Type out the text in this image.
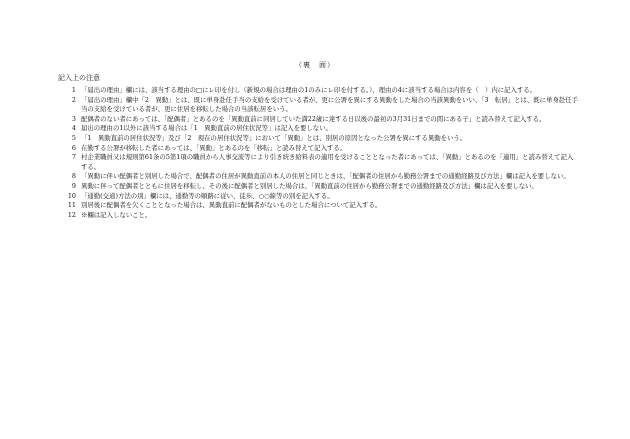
（裏　面）
記入上の注意
1 「届出の理由」欄には、該当する理由の□にレ印を付し（新規の場合は理由の1のみにレ印を付する。）、理由の4に該当する場合は内容を（　）内に記入する。
2 「届出の理由」欄中「2　異動」とは、既に単身赴任手当の支給を受けている者が、更に公署を異にする異動をした場合の当該異動をいい、「3　転居」とは、既に単身赴任手当の支給を受けている者が、更に住居を移転した場合の当該転居をいう。
3 配偶者のない者にあっては、「配偶者」とあるのを「異動直前に同居していた満22歳に達する日以後の最初の3月31日までの間にある子」と読み替えて記入する。
4 届出の理由の1以外に該当する場合は「1　異動直前の居住状況等」は記入を要しない。
5 「1　異動直前の居住状況等」及び「2　現在の居住状況等」において「異動」とは、別居の原因となった公署を異にする異動をいう。
6 在勤する公署が移転した者にあっては、「異動」とあるのを「移転」と読み替えて記入する。
7 村企業職員又は規則第61条の5第1項の職員から人事交流等により引き続き給料表の適用を受けることとなった者にあっては、「異動」とあるのを「適用」と読み替えて記入する。
8 「異動に伴い配偶者と別居した場合で、配偶者の住居が異動直前の本人の住居と同じときは、「配偶者の住居から勤務公署までの通勤経路及び方法」欄は記入を要しない。
9 異動に伴って配偶者とともに住居を移転し、その後に配偶者と別居した場合は、「異動直前の住居から勤務公署までの通勤経路及び方法」欄は記入を要しない。
10 「通勤(交通)方法の別」欄には、通勤等の順路に従い、徒歩、○○線等の別を記入する。
11 別居後に配偶者を欠くこととなった場合は、異動直前に配偶者がないものとした場合について記入する。
12 ※欄は記入しないこと。
